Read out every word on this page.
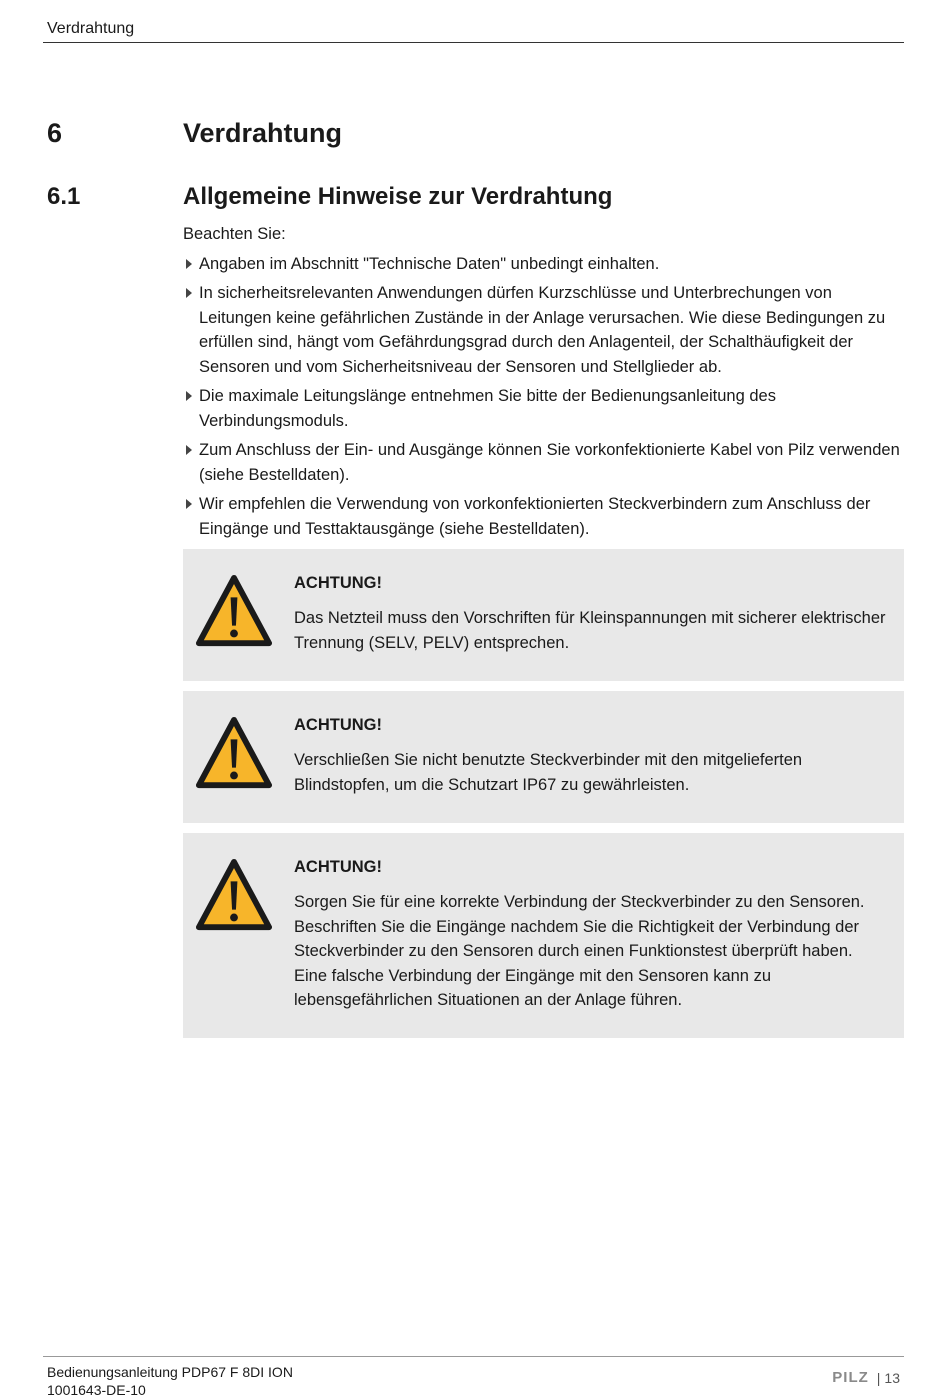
Verdrahtung
6	Verdrahtung
6.1	Allgemeine Hinweise zur Verdrahtung

Beachten Sie:

Angaben im Abschnitt "Technische Daten" unbedingt einhalten.
In sicherheitsrelevanten Anwendungen dürfen Kurzschlüsse und Unterbrechungen von Leitungen keine gefährlichen Zustände in der Anlage verursachen. Wie diese Bedingungen zu erfüllen sind, hängt vom Gefährdungsgrad durch den Anlagenteil, der Schalthäufigkeit der Sensoren und vom Sicherheitsniveau der Sensoren und Stellglieder ab.
Die maximale Leitungslänge entnehmen Sie bitte der Bedienungsanleitung des Verbindungsmoduls.
Zum Anschluss der Ein- und Ausgänge können Sie vorkonfektionierte Kabel von Pilz verwenden (siehe Bestelldaten).
Wir empfehlen die Verwendung von vorkonfektionierten Steckverbindern zum Anschluss der Eingänge und Testtaktausgänge (siehe Bestelldaten).
ACHTUNG!
Das Netzteil muss den Vorschriften für Kleinspannungen mit sicherer elektrischer Trennung (SELV, PELV) entsprechen.
ACHTUNG!
Verschließen Sie nicht benutzte Steckverbinder mit den mitgelieferten Blindstopfen, um die Schutzart IP67 zu gewährleisten.
ACHTUNG!
Sorgen Sie für eine korrekte Verbindung der Steckverbinder zu den Sensoren. Beschriften Sie die Eingänge nachdem Sie die Richtigkeit der Verbindung der Steckverbinder zu den Sensoren durch einen Funktionstest überprüft haben. Eine falsche Verbindung der Eingänge mit den Sensoren kann zu lebensgefährlichen Situationen an der Anlage führen.
Bedienungsanleitung PDP67 F 8DI ION
1001643-DE-10
PILZ | 13
